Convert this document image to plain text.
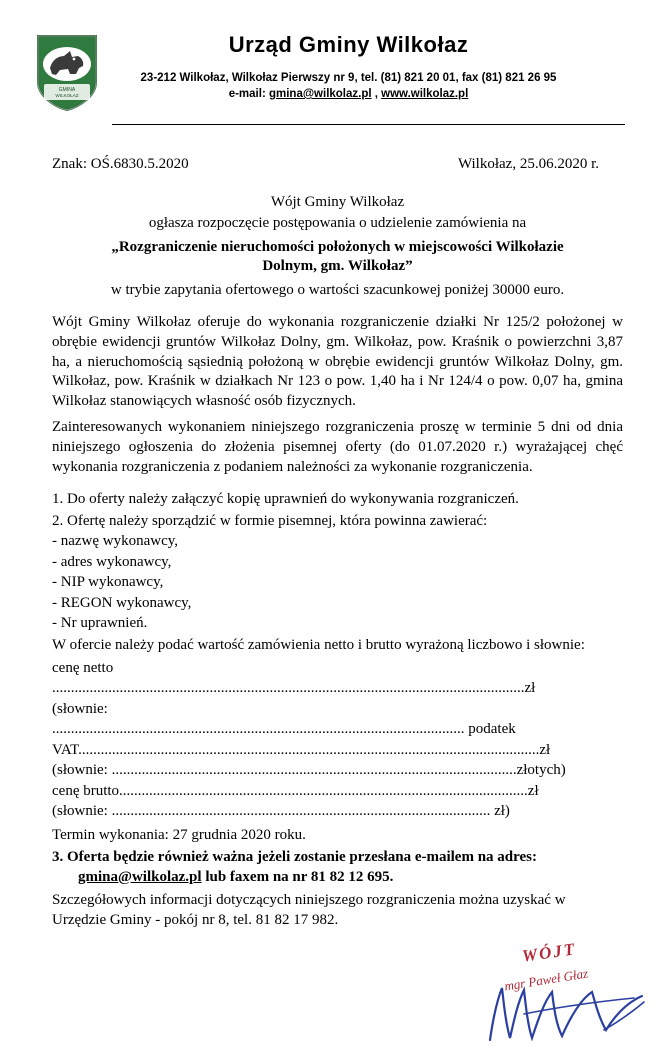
GMINA
WILKOŁAZ
Urząd Gminy Wilkołaz
23-212 Wilkołaz, Wilkołaz Pierwszy nr 9, tel. (81) 821 20 01, fax (81) 821 26 95
e-mail: gmina@wilkolaz.pl , www.wilkolaz.pl
Znak: OŚ.6830.5.2020	Wilkołaz, 25.06.2020 r.
Wójt Gminy Wilkołaz
ogłasza rozpoczęcie postępowania o udzielenie zamówienia na
„Rozgraniczenie nieruchomości położonych w miejscowości Wilkołazie
Dolnym, gm. Wilkołaz”
w trybie zapytania ofertowego o wartości szacunkowej poniżej 30000 euro.
Wójt Gminy Wilkołaz oferuje do wykonania rozgraniczenie działki Nr 125/2 położonej w obrębie ewidencji gruntów Wilkołaz Dolny, gm. Wilkołaz, pow. Kraśnik o powierzchni 3,87 ha, a nieruchomością sąsiednią położoną w obrębie ewidencji gruntów Wilkołaz Dolny, gm. Wilkołaz, pow. Kraśnik w działkach Nr 123 o pow. 1,40 ha i Nr 124/4 o pow. 0,07 ha, gmina Wilkołaz stanowiących własność osób fizycznych.
Zainteresowanych wykonaniem niniejszego rozgraniczenia proszę w terminie 5 dni od dnia niniejszego ogłoszenia do złożenia pisemnej oferty (do 01.07.2020 r.) wyrażającej chęć wykonania rozgraniczenia z podaniem należności za wykonanie rozgraniczenia.
1. Do oferty należy załączyć kopię uprawnień do wykonywania rozgraniczeń.
2. Ofertę należy sporządzić w formie pisemnej, która powinna zawierać:
- nazwę wykonawcy,
- adres wykonawcy,
- NIP wykonawcy,
- REGON wykonawcy,
- Nr uprawnień.
W ofercie należy podać wartość zamówienia netto i brutto wyrażoną liczbowo i słownie:
cenę netto
..............................................................................................................................zł
(słownie:
.............................................................................................................. podatek
VAT...........................................................................................................................zł
(słownie: ............................................................................................................złotych)
cenę brutto.............................................................................................................zł
(słownie: ..................................................................................................... zł)
Termin wykonania: 27 grudnia 2020 roku.
3. Oferta będzie również ważna jeżeli zostanie przesłana e-mailem na adres:
gmina@wilkolaz.pl lub faxem na nr 81 82 12 695.
Szczegółowych informacji dotyczących niniejszego rozgraniczenia można uzyskać w
Urzędzie Gminy - pokój nr 8, tel. 81 82 17 982.
WÓJT
mgr Paweł Głaz
